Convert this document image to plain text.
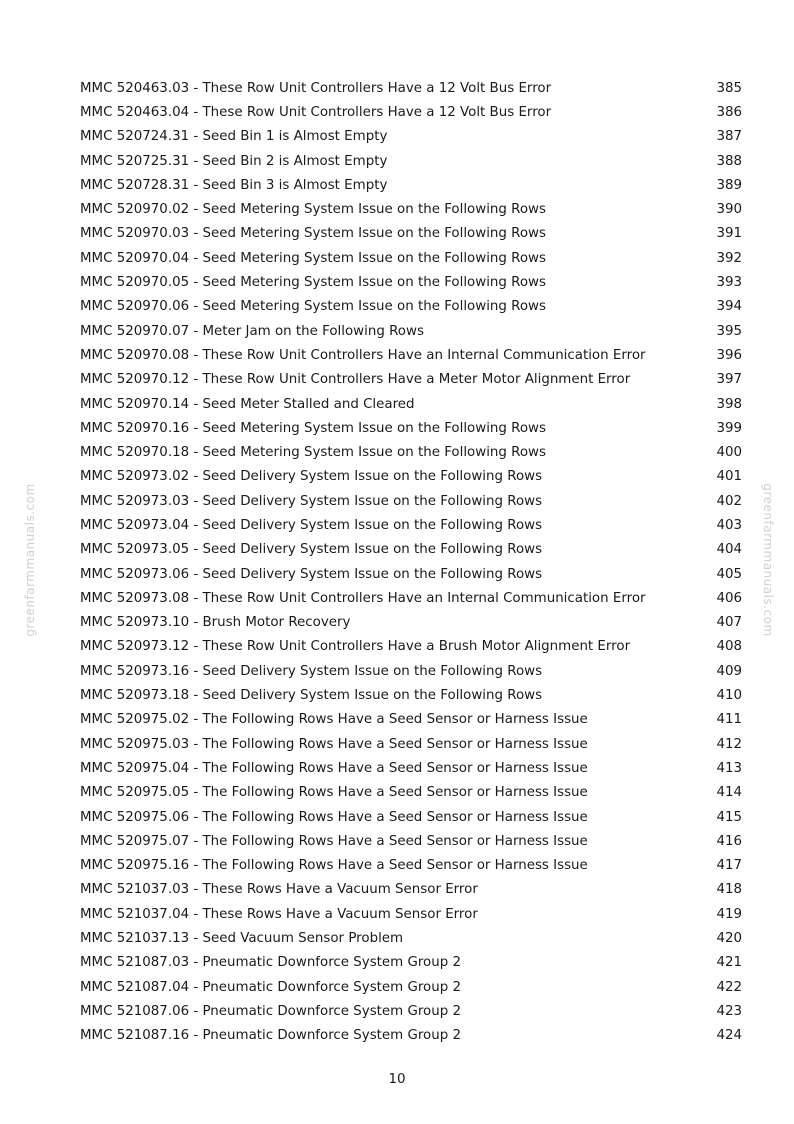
greenfarmmanuals.com	greenfarmmanuals.com
MMC 520463.03 - These Row Unit Controllers Have a 12 Volt Bus Error	385
MMC 520463.04 - These Row Unit Controllers Have a 12 Volt Bus Error	386
MMC 520724.31 - Seed Bin 1 is Almost Empty	387
MMC 520725.31 - Seed Bin 2 is Almost Empty	388
MMC 520728.31 - Seed Bin 3 is Almost Empty	389
MMC 520970.02 - Seed Metering System Issue on the Following Rows	390
MMC 520970.03 - Seed Metering System Issue on the Following Rows	391
MMC 520970.04 - Seed Metering System Issue on the Following Rows	392
MMC 520970.05 - Seed Metering System Issue on the Following Rows	393
MMC 520970.06 - Seed Metering System Issue on the Following Rows	394
MMC 520970.07 - Meter Jam on the Following Rows	395
MMC 520970.08 - These Row Unit Controllers Have an Internal Communication Error	396
MMC 520970.12 - These Row Unit Controllers Have a Meter Motor Alignment Error	397
MMC 520970.14 - Seed Meter Stalled and Cleared	398
MMC 520970.16 - Seed Metering System Issue on the Following Rows	399
MMC 520970.18 - Seed Metering System Issue on the Following Rows	400
MMC 520973.02 - Seed Delivery System Issue on the Following Rows	401
MMC 520973.03 - Seed Delivery System Issue on the Following Rows	402
MMC 520973.04 - Seed Delivery System Issue on the Following Rows	403
MMC 520973.05 - Seed Delivery System Issue on the Following Rows	404
MMC 520973.06 - Seed Delivery System Issue on the Following Rows	405
MMC 520973.08 - These Row Unit Controllers Have an Internal Communication Error	406
MMC 520973.10 - Brush Motor Recovery	407
MMC 520973.12 - These Row Unit Controllers Have a Brush Motor Alignment Error	408
MMC 520973.16 - Seed Delivery System Issue on the Following Rows	409
MMC 520973.18 - Seed Delivery System Issue on the Following Rows	410
MMC 520975.02 - The Following Rows Have a Seed Sensor or Harness Issue	411
MMC 520975.03 - The Following Rows Have a Seed Sensor or Harness Issue	412
MMC 520975.04 - The Following Rows Have a Seed Sensor or Harness Issue	413
MMC 520975.05 - The Following Rows Have a Seed Sensor or Harness Issue	414
MMC 520975.06 - The Following Rows Have a Seed Sensor or Harness Issue	415
MMC 520975.07 - The Following Rows Have a Seed Sensor or Harness Issue	416
MMC 520975.16 - The Following Rows Have a Seed Sensor or Harness Issue	417
MMC 521037.03 - These Rows Have a Vacuum Sensor Error	418
MMC 521037.04 - These Rows Have a Vacuum Sensor Error	419
MMC 521037.13 - Seed Vacuum Sensor Problem	420
MMC 521087.03 - Pneumatic Downforce System Group 2	421
MMC 521087.04 - Pneumatic Downforce System Group 2	422
MMC 521087.06 - Pneumatic Downforce System Group 2	423
MMC 521087.16 - Pneumatic Downforce System Group 2	424
10
